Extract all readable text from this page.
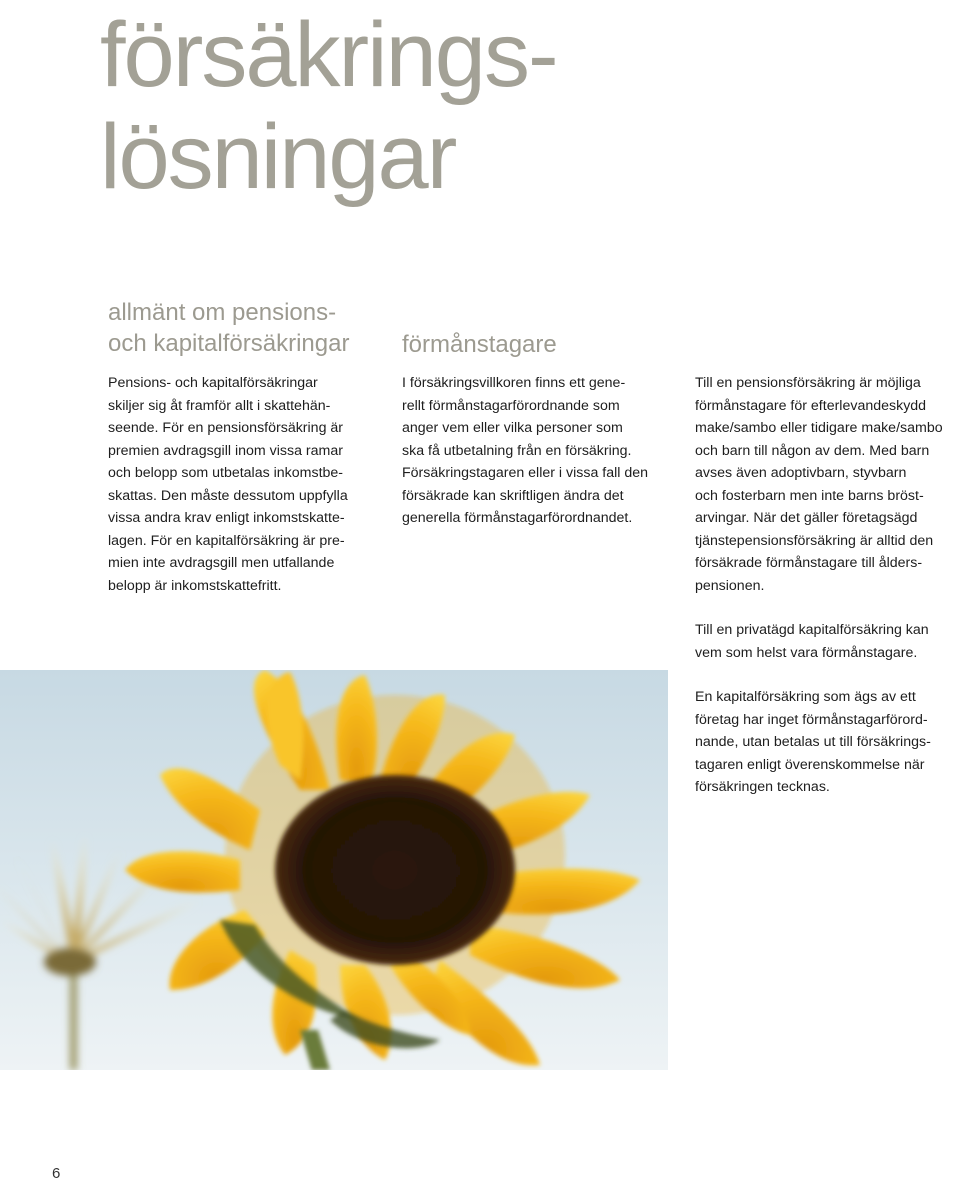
försäkrings-
lösningar
allmänt om pensions-
och kapitalförsäkringar
Pensions- och kapitalförsäkringar
skiljer sig åt framför allt i skattehän-
seende. För en pensionsförsäkring är
premien avdragsgill inom vissa ramar
och belopp som utbetalas inkomstbe-
skattas. Den måste dessutom uppfylla
vissa andra krav enligt inkomstskatte-
lagen. För en kapitalförsäkring är pre-
mien inte avdragsgill men utfallande
belopp är inkomstskattefritt.
förmånstagare
I försäkringsvillkoren finns ett gene-
rellt förmånstagarförordnande som
anger vem eller vilka personer som
ska få utbetalning från en försäkring.
Försäkringstagaren eller i vissa fall den
försäkrade kan skriftligen ändra det
generella förmånstagarförordnandet.

Till en pensionsförsäkring är möjliga
förmånstagare för efterlevandeskydd
make/sambo eller tidigare make/sambo
och barn till någon av dem. Med barn
avses även adoptivbarn, styvbarn
och fosterbarn men inte barns bröst-
arvingar. När det gäller företagsägd
tjänstepensionsförsäkring är alltid den
försäkrade förmånstagare till ålders-
pensionen.

Till en privatägd kapitalförsäkring kan
vem som helst vara förmånstagare.

En kapitalförsäkring som ägs av ett
företag har inget förmånstagarförord-
nande, utan betalas ut till försäkrings-
tagaren enligt överenskommelse när
försäkringen tecknas.

6
